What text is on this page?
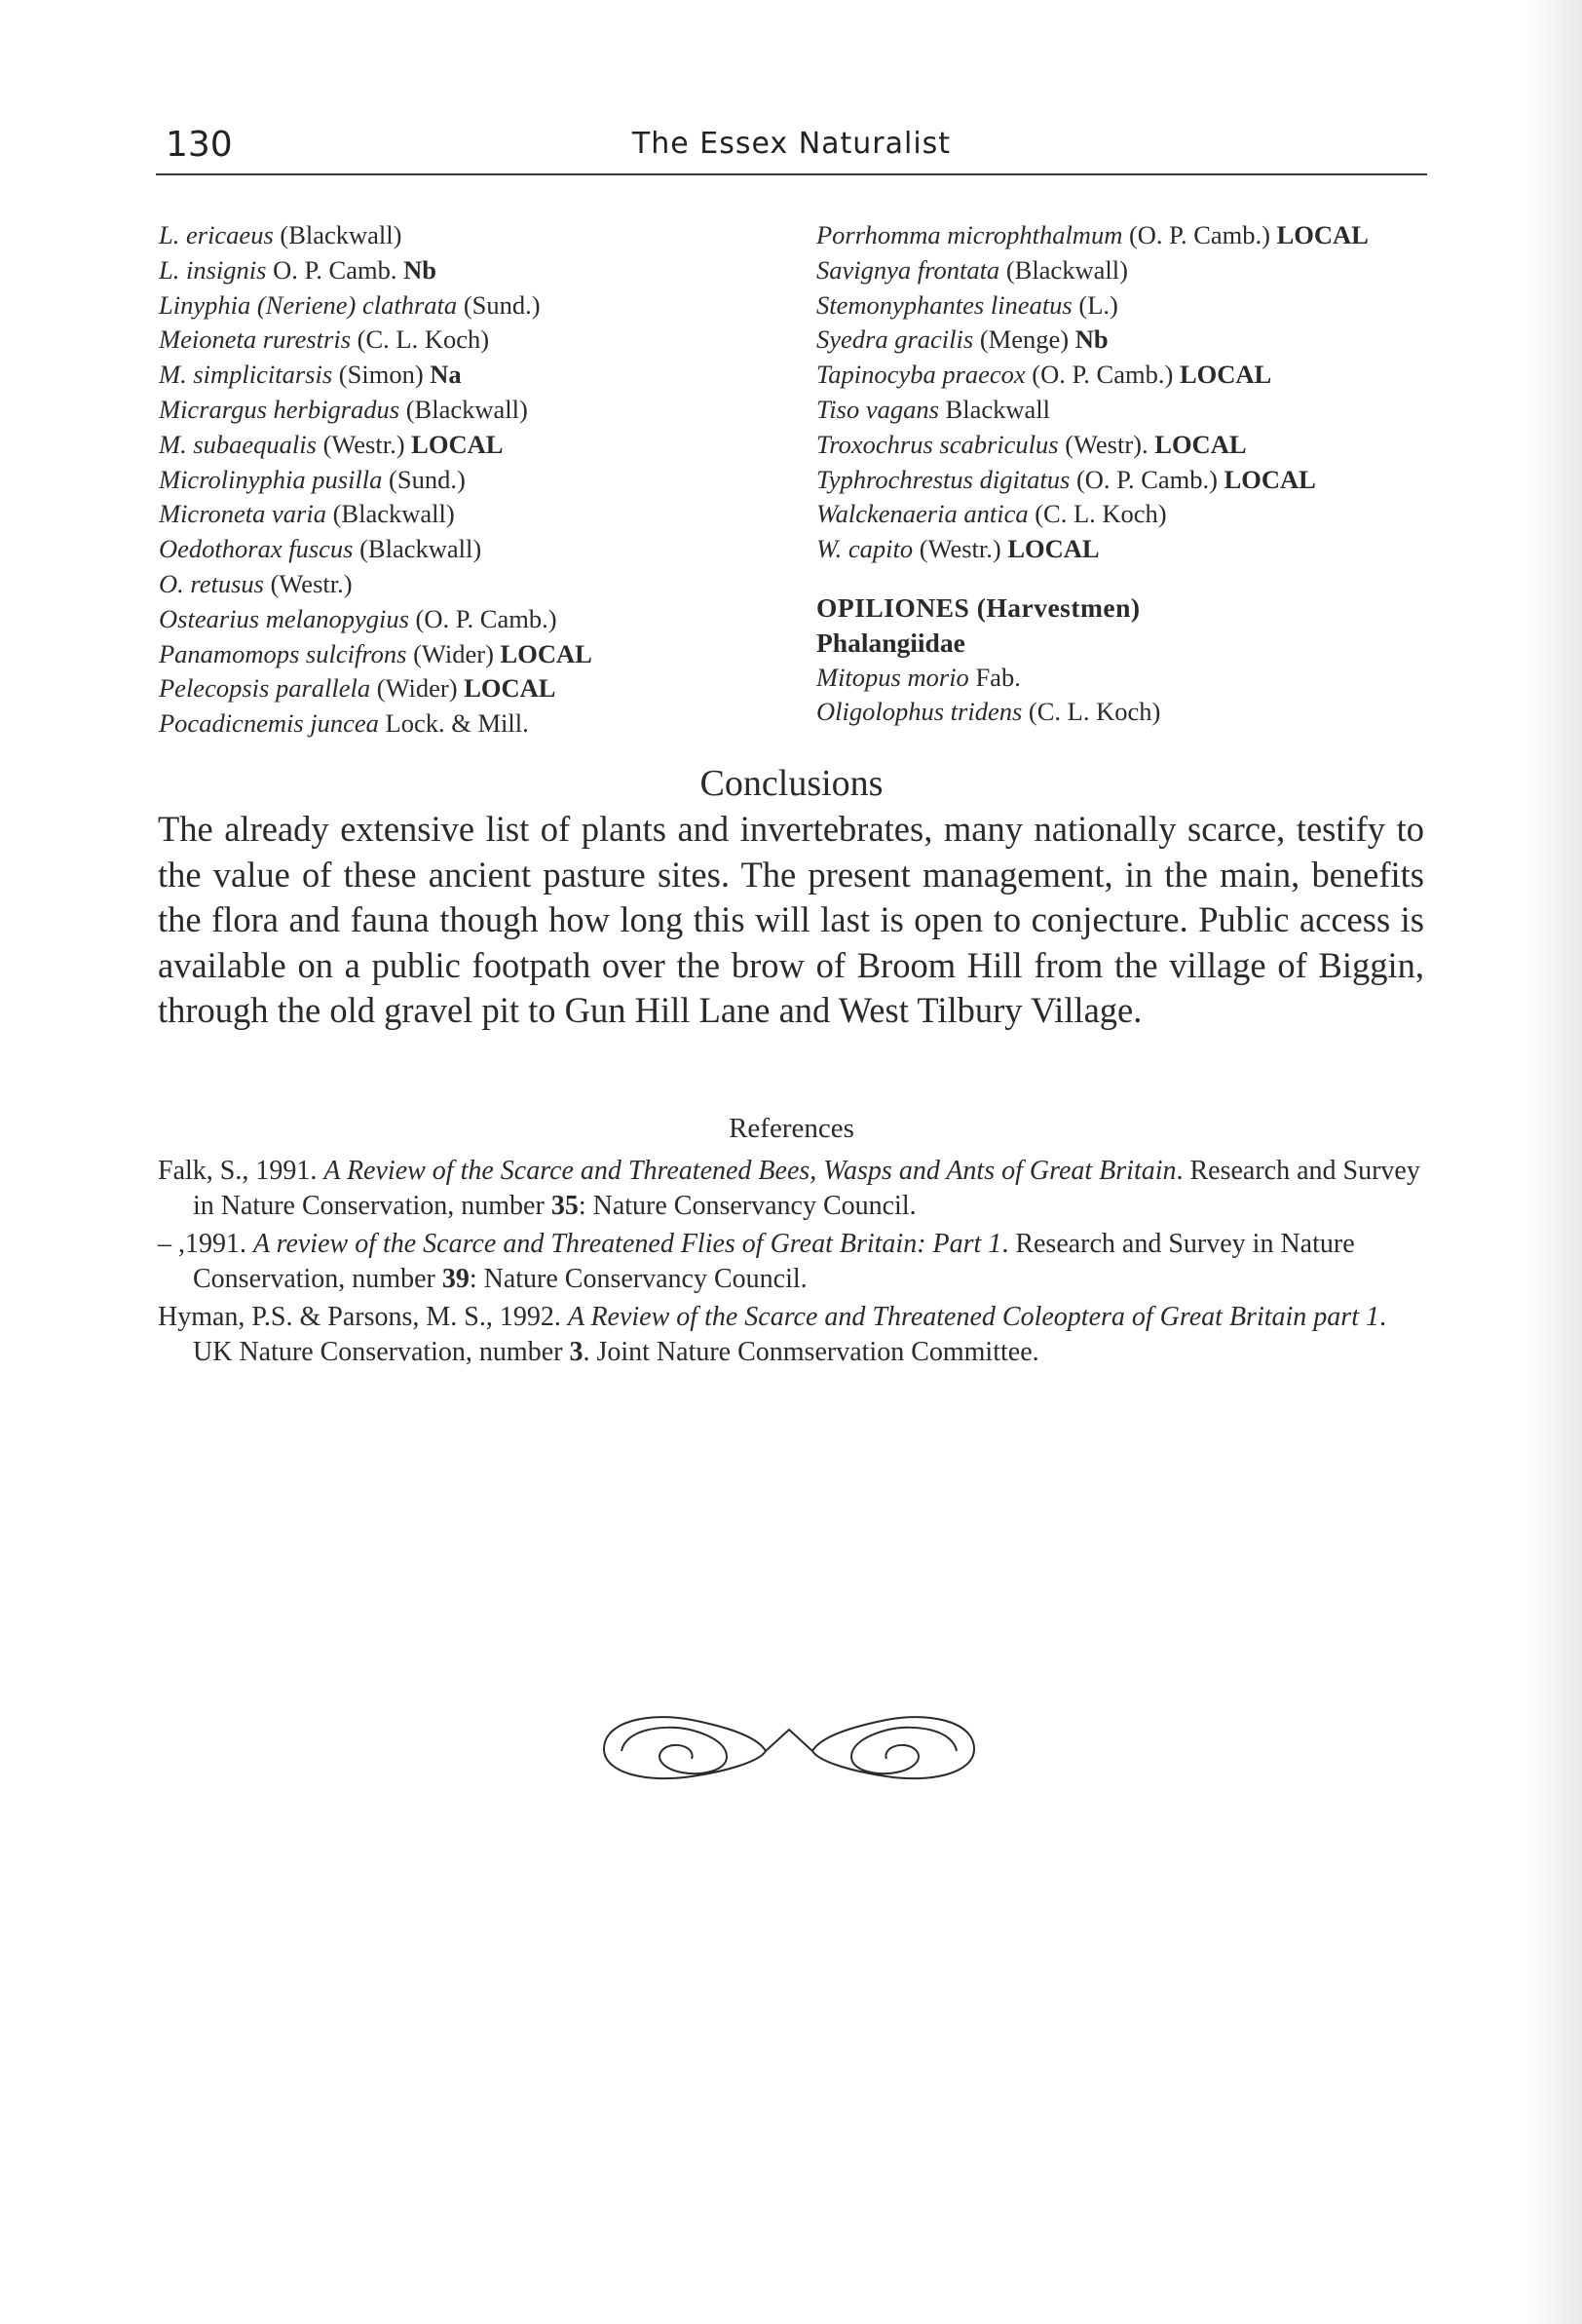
130	The Essex Naturalist
L. ericaeus (Blackwall)
L. insignis O. P. Camb. Nb
Linyphia (Neriene) clathrata (Sund.)
Meioneta rurestris (C. L. Koch)
M. simplicitarsis (Simon) Na
Micrargus herbigradus (Blackwall)
M. subaequalis (Westr.) LOCAL
Microlinyphia pusilla (Sund.)
Microneta varia (Blackwall)
Oedothorax fuscus (Blackwall)
O. retusus (Westr.)
Ostearius melanopygius (O. P. Camb.)
Panamomops sulcifrons (Wider) LOCAL
Pelecopsis parallela (Wider) LOCAL
Pocadicnemis juncea Lock. & Mill.
Porrhomma microphthalmum (O. P. Camb.) LOCAL
Savignya frontata (Blackwall)
Stemonyphantes lineatus (L.)
Syedra gracilis (Menge) Nb
Tapinocyba praecox (O. P. Camb.) LOCAL
Tiso vagans Blackwall
Troxochrus scabriculus (Westr). LOCAL
Typhrochrestus digitatus (O. P. Camb.) LOCAL
Walckenaeria antica (C. L. Koch)
W. capito (Westr.) LOCAL
OPILIONES (Harvestmen)
Phalangiidae
Mitopus morio Fab.
Oligolophus tridens (C. L. Koch)
Conclusions
The already extensive list of plants and invertebrates, many nationally scarce, testify to the value of these ancient pasture sites. The present management, in the main, benefits the flora and fauna though how long this will last is open to conjecture. Public access is available on a public footpath over the brow of Broom Hill from the village of Biggin, through the old gravel pit to Gun Hill Lane and West Tilbury Village.
References
Falk, S., 1991. A Review of the Scarce and Threatened Bees, Wasps and Ants of Great Britain. Research and Survey in Nature Conservation, number 35: Nature Conservancy Council.
– ,1991. A review of the Scarce and Threatened Flies of Great Britain: Part 1. Research and Survey in Nature Conservation, number 39: Nature Conservancy Council.
Hyman, P.S. & Parsons, M. S., 1992. A Review of the Scarce and Threatened Coleoptera of Great Britain part 1. UK Nature Conservation, number 3. Joint Nature Conmservation Committee.
